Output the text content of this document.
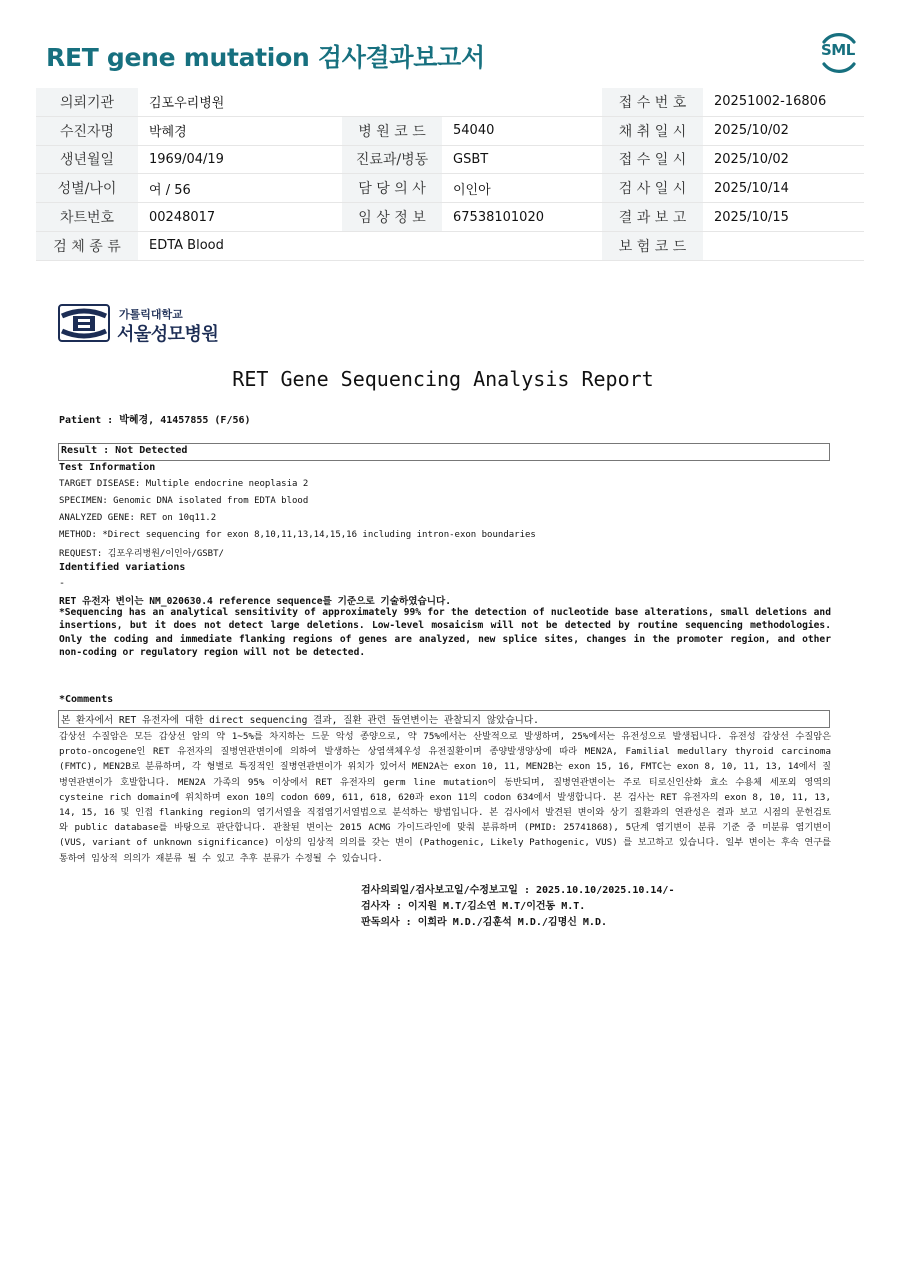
RET gene mutation 검사결과보고서	SML
의뢰기관	김포우리병원			접 수 번 호	20251002-16806
수진자명	박혜경	병 원 코 드	54040	채 취 일 시	2025/10/02
생년월일	1969/04/19	진료과/병동	GSBT	접 수 일 시	2025/10/02
성별/나이	여 / 56	담 당 의 사	이인아	검 사 일 시	2025/10/14
차트번호	00248017	임 상 정 보	67538101020	결 과 보 고	2025/10/15
검 체 종 류	EDTA Blood			보 험 코 드	
가톨릭대학교
서울성모병원
RET Gene Sequencing Analysis Report
Patient : 박혜경, 41457855 (F/56)
Result : Not Detected
Test Information
TARGET DISEASE: Multiple endocrine neoplasia 2
SPECIMEN: Genomic DNA isolated from EDTA blood
ANALYZED GENE: RET on 10q11.2
METHOD: *Direct sequencing for exon 8,10,11,13,14,15,16 including intron-exon boundaries
REQUEST: 김포우리병원/이인아/GSBT/
Identified variations
-
RET 유전자 변이는 NM_020630.4 reference sequence를 기준으로 기술하였습니다.
*Sequencing has an analytical sensitivity of approximately 99% for the detection of nucleotide base alterations, small deletions and insertions, but it does not detect large deletions. Low-level mosaicism will not be detected by routine sequencing methodologies. Only the coding and immediate flanking regions of genes are analyzed, new splice sites, changes in the promoter region, and other non-coding or regulatory region will not be detected.
*Comments
본 환자에서 RET 유전자에 대한 direct sequencing 결과, 질환 관련 돌연변이는 관찰되지 않았습니다.
갑상선 수질암은 모든 갑상선 암의 약 1~5%를 차지하는 드문 악성 종양으로, 약 75%에서는 산발적으로 발생하며, 25%에서는 유전성으로 발생됩니다. 유전성 갑상선 수질암은 proto-oncogene인 RET 유전자의 질병연관변이에 의하여 발생하는 상염색체우성 유전질환이며 종양발생양상에 따라 MEN2A, Familial medullary thyroid carcinoma (FMTC), MEN2B로 분류하며, 각 형별로 특징적인 질병연관변이가 위치가 있어서 MEN2A는 exon 10, 11, MEN2B는 exon 15, 16, FMTC는 exon 8, 10, 11, 13, 14에서 질병연관변이가 호발합니다. MEN2A 가족의 95% 이상에서 RET 유전자의 germ line mutation이 동반되며, 질병연관변이는 주로 티로신인산화 효소 수용체 세포외 영역의 cysteine rich domain에 위치하며 exon 10의 codon 609, 611, 618, 620과 exon 11의 codon 634에서 발생합니다. 본 검사는 RET 유전자의 exon 8, 10, 11, 13, 14, 15, 16 및 인접 flanking region의 염기서열을 직접염기서열법으로 분석하는 방법입니다. 본 검사에서 발견된 변이와 상기 질환과의 연관성은 결과 보고 시점의 문헌검토와 public database를 바탕으로 판단합니다. 관찰된 변이는 2015 ACMG 가이드라인에 맞춰 분류하며 (PMID: 25741868), 5단계 염기변이 분류 기준 중 미분류 염기변이 (VUS, variant of unknown significance) 이상의 임상적 의의를 갖는 변이 (Pathogenic, Likely Pathogenic, VUS) 를 보고하고 있습니다. 일부 변이는 후속 연구를 통하여 임상적 의의가 재분류 될 수 있고 추후 분류가 수정될 수 있습니다.
검사의뢰일/검사보고일/수정보고일 : 2025.10.10/2025.10.14/-
검사자 : 이지원 M.T/김소연 M.T/이건동 M.T.
판독의사 : 이희라 M.D./김훈석 M.D./김명신 M.D.
